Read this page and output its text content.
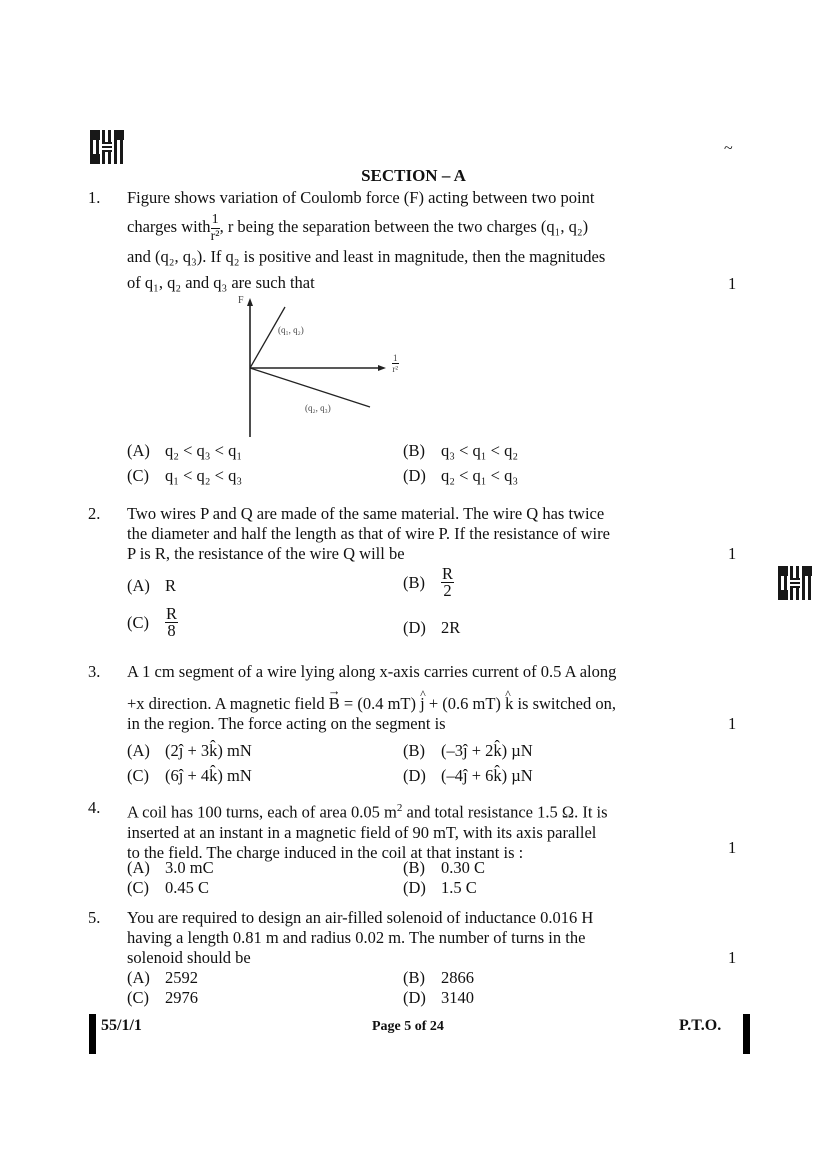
~
SECTION – A
1. Figure shows variation of Coulomb force (F) acting between two point
charges with $\frac{1}{\text{r²}}$ , r being the separation between the two charges (q₁, q₂)
and (q₂, q₃). If q₂ is positive and least in magnitude, then the magnitudes
of q₁, q₂ and q₃ are such that	1
F
$\frac{1}{\text{r²}}$
(q₁, q₂)
(q₂, q₃)
(A) q₂ < q₃ < q₁	(B) q₃ < q₁ < q₂
(C) q₁ < q₂ < q₃	(D) q₂ < q₁ < q₃
2. Two wires P and Q are made of the same material. The wire Q has twice
the diameter and half the length as that of wire P. If the resistance of wire
P is R, the resistance of the wire Q will be	1
(A) R	$(B) \frac{R}{2}$
$(C) \frac{R}{8}$	(D) 2R
3. A 1 cm segment of a wire lying along x-axis carries current of 0.5 A along
+x direction. A magnetic field → B = (0.4 mT) ^ j + (0.6 mT) ^ k is switched on,
in the region. The force acting on the segment is	1
(A) (2ĵ + 3k̂) mN	(B) (–3ĵ + 2k̂) µN
(C) (6ĵ + 4k̂) mN	(D) (–4ĵ + 6k̂) µN
4. A coil has 100 turns, each of area 0.05 $m^2$ and total resistance 1.5 Ω. It is
inserted at an instant in a magnetic field of 90 mT, with its axis parallel
to the field. The charge induced in the coil at that instant is :	1
(A) 3.0 mC	(B) 0.30 C
(C) 0.45 C	(D) 1.5 C
5. You are required to design an air-filled solenoid of inductance 0.016 H
having a length 0.81 m and radius 0.02 m. The number of turns in the
solenoid should be	1
(A) 2592	(B) 2866
(C) 2976	(D) 3140
55/1/1	Page 5 of 24	P.T.O.
